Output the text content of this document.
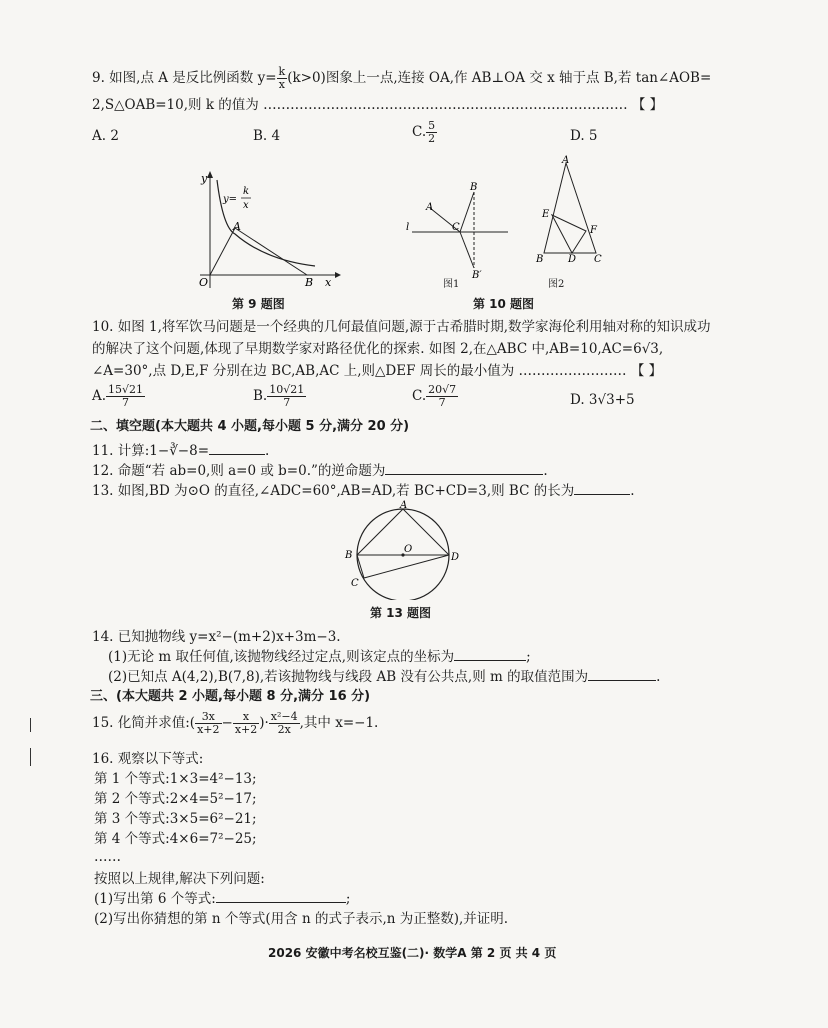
9. 如图,点 A 是反比例函数 $y= \frac{k}{x} (k>0)$图象上一点,连接 OA,作 AB⊥OA 交 x 轴于点 B,若 tan∠AOB=
2,S△OAB=10,则 k 的值为 ……………………………………………………………………… 【 】
A. 2	B. 4	C. $\frac{5}{2}$	D. 5
y
x
O
A
B
y=
k
x
第 9 题图
A
B
l	C
B′
图1
A
E
F
B D C
图2
第 10 题图
10. 如图 1,将军饮马问题是一个经典的几何最值问题,源于古希腊时期,数学家海伦利用轴对称的知识成功
的解决了这个问题,体现了早期数学家对路径优化的探索. 如图 2,在△ABC 中,AB=10,AC=6√3,
∠A=30°,点 D,E,F 分别在边 BC,AB,AC 上,则△DEF 周长的最小值为 …………………… 【 】
A. $\frac{15√21}{7}$	B. $\frac{10√21}{7}$	C. $\frac{20√7}{7}$	D. 3√3+5
二、填空题(本大题共 4 小题,每小题 5 分,满分 20 分)
11. 计算:1−∛−8=	.
12. 命题“若 ab=0,则 a=0 或 b=0.”的逆命题为	.
13. 如图,BD 为⊙O 的直径,∠ADC=60°,AB=AD,若 BC+CD=3,则 BC 的长为	.
A
B
O
D
C
第 13 题图
14. 已知抛物线 y=x²−(m+2)x+3m−3.
(1)无论 m 取任何值,该抛物线经过定点,则该定点的坐标为	;
(2)已知点 A(4,2),B(7,8),若该抛物线与线段 AB 没有公共点,则 m 的取值范围为	.
三、(本大题共 2 小题,每小题 8 分,满分 16 分)
15. 化简并求值:( $\frac{3x}{x+2} - \frac{x}{x+2}$ )· $\frac{\text{x²−4}}{2x}$ ,其中 x=−1.
16. 观察以下等式:
第 1 个等式:1×3=4²−13;
第 2 个等式:2×4=5²−17;
第 3 个等式:3×5=6²−21;
第 4 个等式:4×6=7²−25;
……
按照以上规律,解决下列问题:
(1)写出第 6 个等式:	;
(2)写出你猜想的第 n 个等式(用含 n 的式子表示,n 为正整数),并证明.
2026 安徽中考名校互鉴(二)· 数学A 第 2 页 共 4 页
